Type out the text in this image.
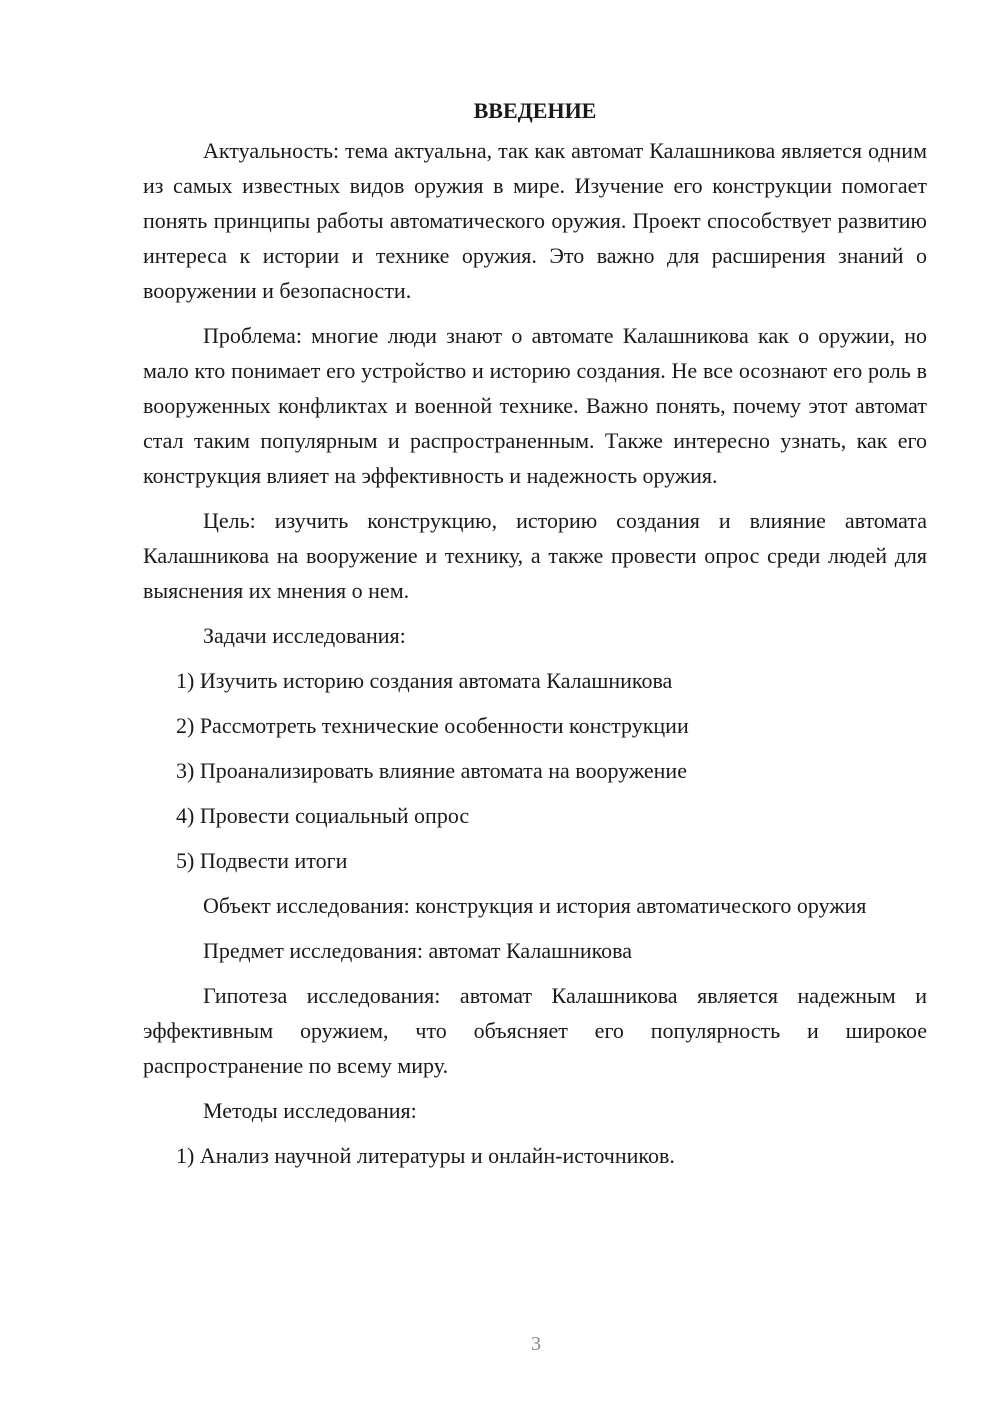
ВВЕДЕНИЕ

Актуальность: тема актуальна, так как автомат Калашникова является одним из самых известных видов оружия в мире. Изучение его конструкции помогает понять принципы работы автоматического оружия. Проект способствует развитию интереса к истории и технике оружия. Это важно для расширения знаний о вооружении и безопасности.

Проблема: многие люди знают о автомате Калашникова как о оружии, но мало кто понимает его устройство и историю создания. Не все осознают его роль в вооруженных конфликтах и военной технике. Важно понять, почему этот автомат стал таким популярным и распространенным. Также интересно узнать, как его конструкция влияет на эффективность и надежность оружия.

Цель: изучить конструкцию, историю создания и влияние автомата Калашникова на вооружение и технику, а также провести опрос среди людей для выяснения их мнения о нем.

Задачи исследования:

1) Изучить историю создания автомата Калашникова
2) Рассмотреть технические особенности конструкции
3) Проанализировать влияние автомата на вооружение
4) Провести социальный опрос
5) Подвести итоги

Объект исследования: конструкция и история автоматического оружия

Предмет исследования: автомат Калашникова

Гипотеза исследования: автомат Калашникова является надежным и эффективным оружием, что объясняет его популярность и широкое распространение по всему миру.

Методы исследования:

1) Анализ научной литературы и онлайн-источников.
3
